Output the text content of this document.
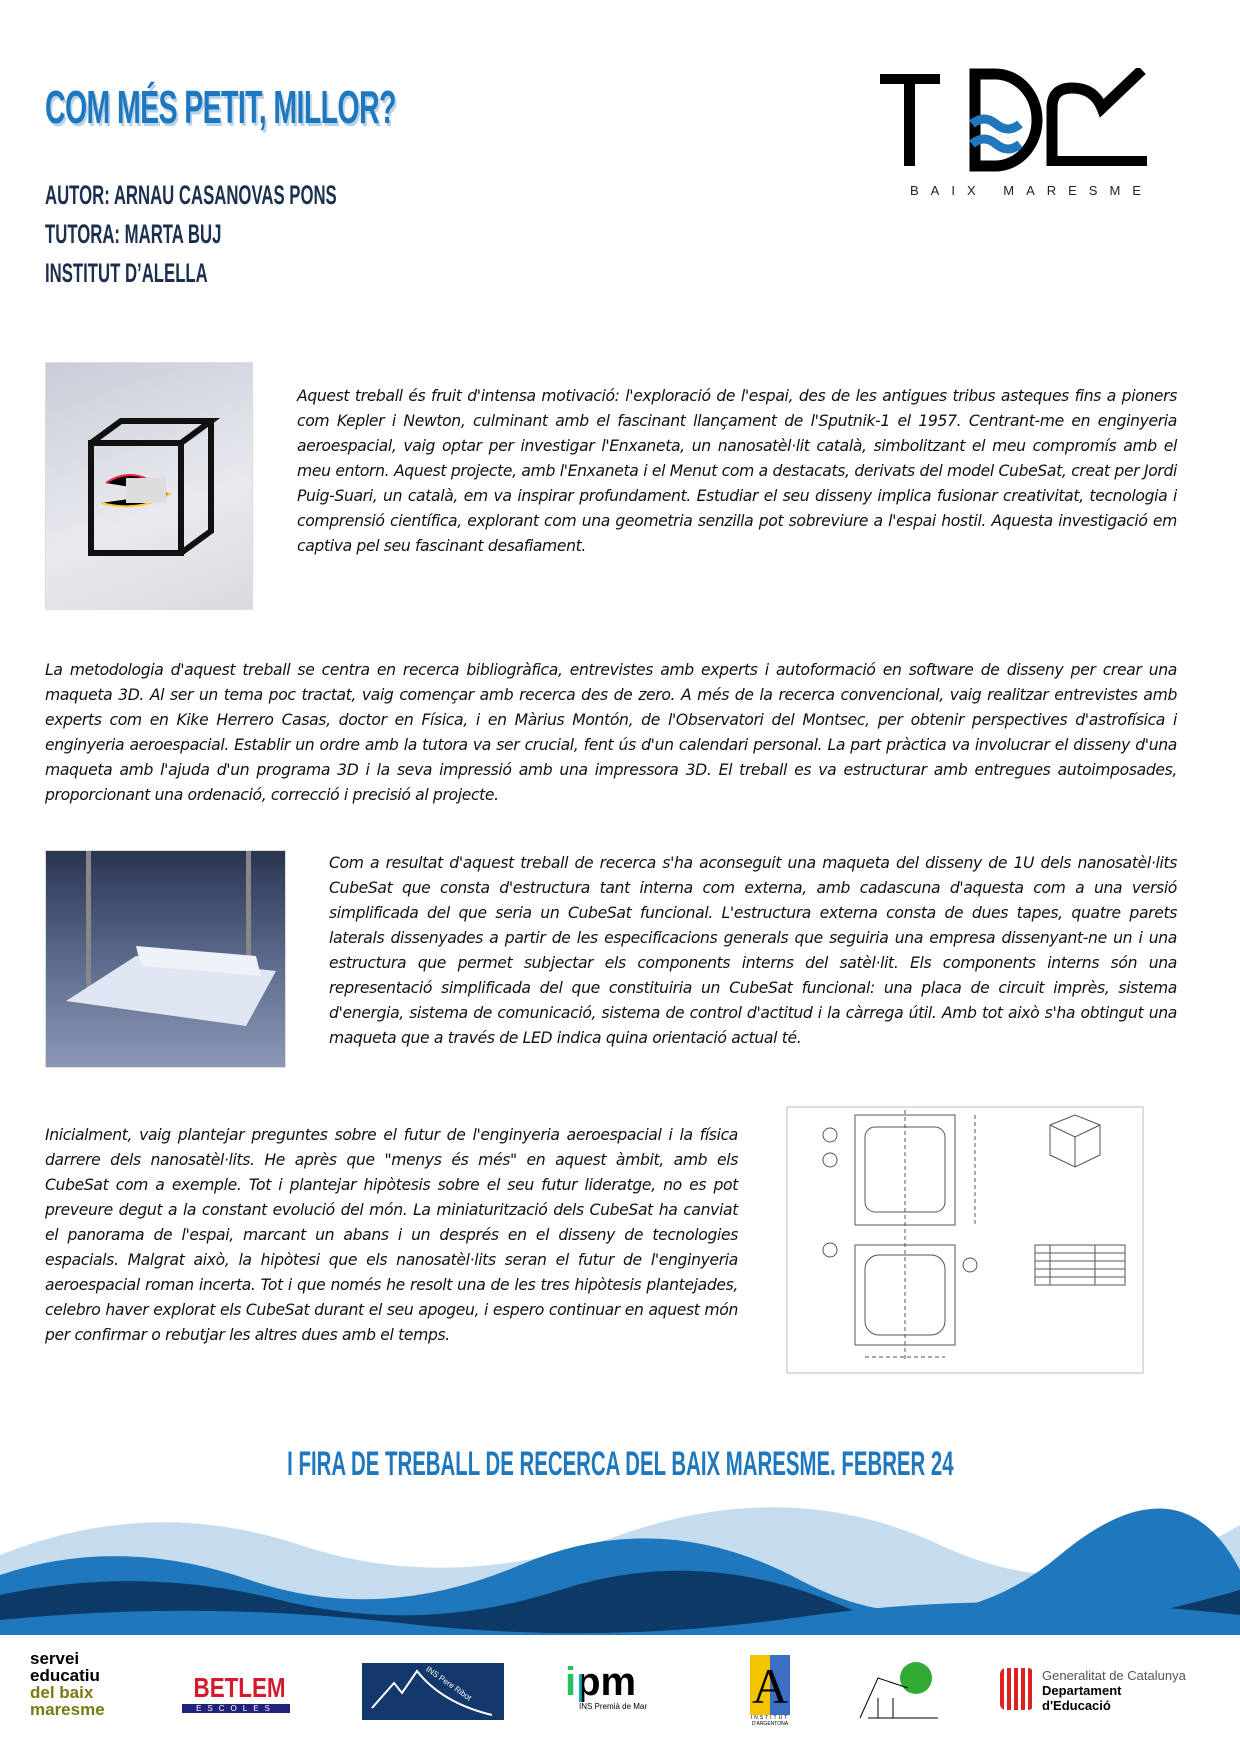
COM MÉS PETIT, MILLOR?
AUTOR: ARNAU CASANOVAS PONS
TUTORA: MARTA BUJ
INSTITUT D’ALELLA
BAIX MARESME
Aquest treball és fruit d'intensa motivació: l'exploració de l'espai, des de les antigues tribus asteques fins a pioners com Kepler i Newton, culminant amb el fascinant llançament de l'Sputnik-1 el 1957. Centrant-me en enginyeria aeroespacial, vaig optar per investigar l'Enxaneta, un nanosatèl·lit català, simbolitzant el meu compromís amb el meu entorn. Aquest projecte, amb l'Enxaneta i el Menut com a destacats, derivats del model CubeSat, creat per Jordi Puig-Suari, un català, em va inspirar profundament. Estudiar el seu disseny implica fusionar creativitat, tecnologia i comprensió científica, explorant com una geometria senzilla pot sobreviure a l'espai hostil. Aquesta investigació em captiva pel seu fascinant desafiament.
La metodologia d'aquest treball se centra en recerca bibliogràfica, entrevistes amb experts i autoformació en software de disseny per crear una maqueta 3D. Al ser un tema poc tractat, vaig començar amb recerca des de zero. A més de la recerca convencional, vaig realitzar entrevistes amb experts com en Kike Herrero Casas, doctor en Física, i en Màrius Montón, de l'Observatori del Montsec, per obtenir perspectives d'astrofísica i enginyeria aeroespacial. Establir un ordre amb la tutora va ser crucial, fent ús d'un calendari personal. La part pràctica va involucrar el disseny d'una maqueta amb l'ajuda d'un programa 3D i la seva impressió amb una impressora 3D. El treball es va estructurar amb entregues autoimposades, proporcionant una ordenació, correcció i precisió al projecte.
Com a resultat d'aquest treball de recerca s'ha aconseguit una maqueta del disseny de 1U dels nanosatèl·lits CubeSat que consta d'estructura tant interna com externa, amb cadascuna d'aquesta com a una versió simplificada del que seria un CubeSat funcional. L'estructura externa consta de dues tapes, quatre parets laterals dissenyades a partir de les especificacions generals que seguiria una empresa dissenyant-ne un i una estructura que permet subjectar els components interns del satèl·lit. Els components interns són una representació simplificada del que constituiria un CubeSat funcional: una placa de circuit imprès, sistema d'energia, sistema de comunicació, sistema de control d'actitud i la càrrega útil. Amb tot això s'ha obtingut una maqueta que a través de LED indica quina orientació actual té.
Inicialment, vaig plantejar preguntes sobre el futur de l'enginyeria aeroespacial i la física darrere dels nanosatèl·lits. He après que "menys és més" en aquest àmbit, amb els CubeSat com a exemple. Tot i plantejar hipòtesis sobre el seu futur lideratge, no es pot preveure degut a la constant evolució del món. La miniaturització dels CubeSat ha canviat el panorama de l'espai, marcant un abans i un després en el disseny de tecnologies espacials. Malgrat això, la hipòtesi que els nanosatèl·lits seran el futur de l'enginyeria aeroespacial roman incerta. Tot i que només he resolt una de les tres hipòtesis plantejades, celebro haver explorat els CubeSat durant el seu apogeu, i espero continuar en aquest món per confirmar o rebutjar les altres dues amb el temps.
I FIRA DE TREBALL DE RECERCA DEL BAIX MARESME. FEBRER 24
servei
educatiu
del baix
maresme
BETLEM
ESCOLES
INS Pere Ribot ipm
INS Premià de Mar A
INSTITUT
D'ARGENTONA
Generalitat de Catalunya
Departament
d'Educació
